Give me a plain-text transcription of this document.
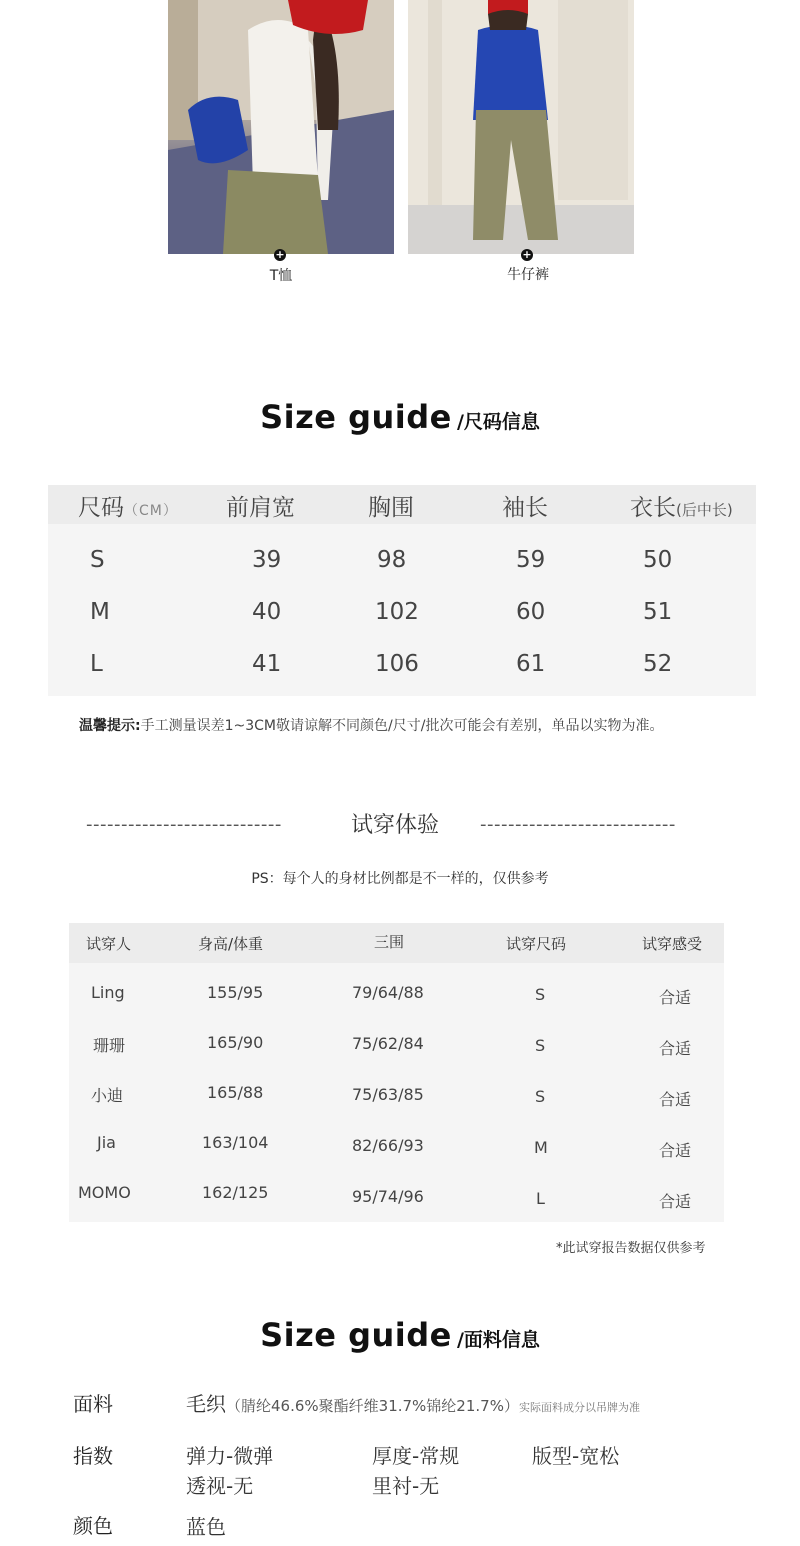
+
T恤
+
牛仔裤
Size guide /尺码信息
尺码（CM） 前肩宽	胸围	袖长	衣长(后中长)
S	39	98	59	50
M	40	102	60	51
L	41	106	61	52
温馨提示:手工测量误差1~3CM敬请谅解不同颜色/尺寸/批次可能会有差别，单品以实物为准。
----------------------------	试穿体验 ----------------------------
PS：每个人的身材比例都是不一样的，仅供参考
试穿人	身高/体重	三围	试穿尺码	试穿感受
Ling	155/95	79/64/88	S	合适
珊珊	165/90	75/62/84	S	合适
小迪	165/88	75/63/85	S	合适
Jia	163/104	82/66/93	M	合适
MOMO	162/125	95/74/96	L	合适
*此试穿报告数据仅供参考
Size guide /面料信息
面料	毛织（腈纶46.6%聚酯纤维31.7%锦纶21.7%）实际面料成分以吊牌为准
指数	弹力-微弹	厚度-常规	版型-宽松
透视-无	里衬-无
颜色	蓝色
